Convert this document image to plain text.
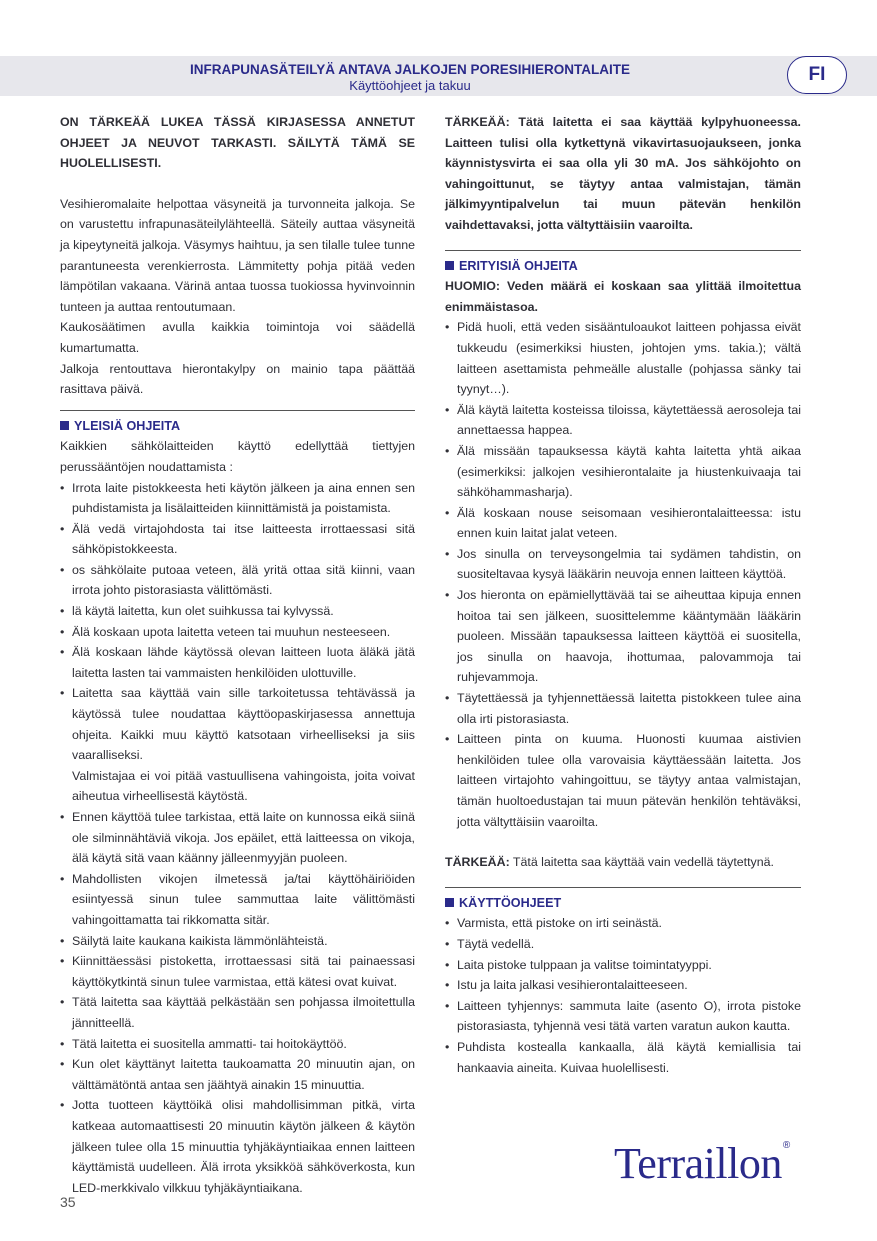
INFRAPUNASÄTEILYÄ ANTAVA JALKOJEN PORESIHIERONTALAITE
Käyttöohjeet ja takuu
FI

ON TÄRKEÄÄ LUKEA TÄSSÄ KIRJASESSA ANNETUT OHJEET JA NEUVOT TARKASTI. SÄILYTÄ TÄMÄ SE HUOLELLISESTI.

Vesihieromalaite helpottaa väsyneitä ja turvonneita jalkoja. Se on varustettu infrapunasäteilylähteellä. Säteily auttaa väsyneitä ja kipeytyneitä jalkoja. Väsymys haihtuu, ja sen tilalle tulee tunne parantuneesta verenkierrosta. Lämmitetty pohja pitää veden lämpötilan vakaana. Värinä antaa tuossa tuokiossa hyvinvoinnin tunteen ja auttaa rentoutumaan.

Kaukosäätimen avulla kaikkia toimintoja voi säädellä kumartumatta.

Jalkoja rentouttava hierontakylpy on mainio tapa päättää rasittava päivä.

YLEISIÄ OHJEITA

Kaikkien sähkölaitteiden käyttö edellyttää tiettyjen perussääntöjen noudattamista :

• Irrota laite pistokkeesta heti käytön jälkeen ja aina ennen sen puhdistamista ja lisälaitteiden kiinnittämistä ja poistamista.
• Älä vedä virtajohdosta tai itse laitteesta irrottaessasi sitä sähköpistokkeesta.
• os sähkölaite putoaa veteen, älä yritä ottaa sitä kiinni, vaan irrota johto pistorasiasta välittömästi.
• lä käytä laitetta, kun olet suihkussa tai kylvyssä.
• Älä koskaan upota laitetta veteen tai muuhun nesteeseen.
• Älä koskaan lähde käytössä olevan laitteen luota äläkä jätä laitetta lasten tai vammaisten henkilöiden ulottuville.
• Laitetta saa käyttää vain sille tarkoitetussa tehtävässä ja käytössä tulee noudattaa käyttöopaskirjasessa annettuja ohjeita. Kaikki muu käyttö katsotaan virheelliseksi ja siis vaaralliseksi.

Valmistajaa ei voi pitää vastuullisena vahingoista, joita voivat aiheutua virheellisestä käytöstä.

• Ennen käyttöä tulee tarkistaa, että laite on kunnossa eikä siinä ole silminnähtäviä vikoja. Jos epäilet, että laitteessa on vikoja, älä käytä sitä vaan käänny jälleenmyyjän puoleen.
• Mahdollisten vikojen ilmetessä ja/tai käyttöhäiriöiden esiintyessä sinun tulee sammuttaa laite välittömästi vahingoittamatta tai rikkomatta sitär.
• Säilytä laite kaukana kaikista lämmönlähteistä.
• Kiinnittäessäsi pistoketta, irrottaessasi sitä tai painaessasi käyttökytkintä sinun tulee varmistaa, että kätesi ovat kuivat.
• Tätä laitetta saa käyttää pelkästään sen pohjassa ilmoitettulla jännitteellä.
• Tätä laitetta ei suositella ammatti- tai hoitokäyttöö.
• Kun olet käyttänyt laitetta taukoamatta 20 minuutin ajan, on välttämätöntä antaa sen jäähtyä ainakin 15 minuuttia.
• Jotta tuotteen käyttöikä olisi mahdollisimman pitkä, virta katkeaa automaattisesti 20 minuutin käytön jälkeen & käytön jälkeen tulee olla 15 minuuttia tyhjäkäyntiaikaa ennen laitteen käyttämistä uudelleen. Älä irrota yksikköä sähköverkosta, kun LED-merkkivalo vilkkuu tyhjäkäyntiaikana.

TÄRKEÄÄ: Tätä laitetta ei saa käyttää kylpyhuoneessa. Laitteen tulisi olla kytkettynä vikavirtasuojaukseen, jonka käynnistysvirta ei saa olla yli 30 mA. Jos sähköjohto on vahingoittunut, se täytyy antaa valmistajan, tämän jälkimyyntipalvelun tai muun pätevän henkilön vaihdettavaksi, jotta vältyttäisiin vaaroilta.

ERITYISIÄ OHJEITA

HUOMIO: Veden määrä ei koskaan saa ylittää ilmoitettua enimmäistasoa.

• Pidä huoli, että veden sisääntuloaukot laitteen pohjassa eivät tukkeudu (esimerkiksi hiusten, johtojen yms. takia.); vältä laitteen asettamista pehmeälle alustalle (pohjassa sänky tai tyynyt…).
• Älä käytä laitetta kosteissa tiloissa, käytettäessä aerosoleja tai annettaessa happea.
• Älä missään tapauksessa käytä kahta laitetta yhtä aikaa (esimerkiksi: jalkojen vesihierontalaite ja hiustenkuivaaja tai sähköhammasharja).
• Älä koskaan nouse seisomaan vesihierontalaitteessa: istu ennen kuin laitat jalat veteen.
• Jos sinulla on terveysongelmia tai sydämen tahdistin, on suositeltavaa kysyä lääkärin neuvoja ennen laitteen käyttöä.
• Jos hieronta on epämiellyttävää tai se aiheuttaa kipuja ennen hoitoa tai sen jälkeen, suosittelemme kääntymään lääkärin puoleen. Missään tapauksessa laitteen käyttöä ei suositella, jos sinulla on haavoja, ihottumaa, palovammoja tai ruhjevammoja.
• Täytettäessä ja tyhjennettäessä laitetta pistokkeen tulee aina olla irti pistorasiasta.
• Laitteen pinta on kuuma. Huonosti kuumaa aistivien henkilöiden tulee olla varovaisia käyttäessään laitetta. Jos laitteen virtajohto vahingoittuu, se täytyy antaa valmistajan, tämän huoltoedustajan tai muun pätevän henkilön tehtäväksi, jotta vältyttäisiin vaaroilta.

TÄRKEÄÄ: Tätä laitetta saa käyttää vain vedellä täytettynä.

KÄYTTÖOHJEET
• Varmista, että pistoke on irti seinästä.
• Täytä vedellä.
• Laita pistoke tulppaan ja valitse toimintatyyppi.
• Istu ja laita jalkasi vesihierontalaitteeseen.
• Laitteen tyhjennys: sammuta laite (asento O), irrota pistoke pistorasiasta, tyhjennä vesi tätä varten varatun aukon kautta.
• Puhdista kostealla kankaalla, älä käytä kemiallisia tai hankaavia aineita. Kuivaa huolellisesti.
35
Terraillon®
